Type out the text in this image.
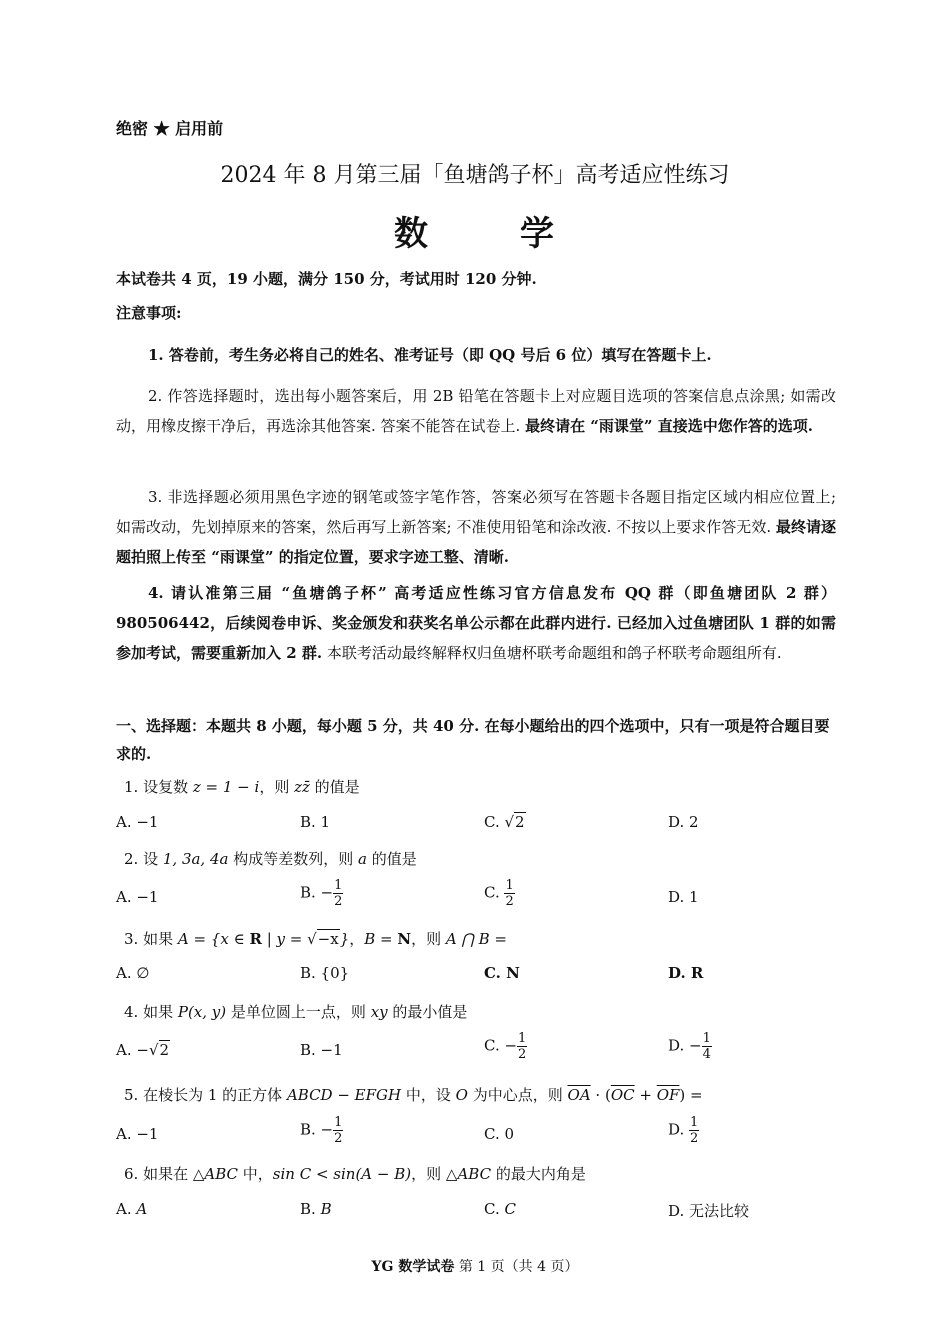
绝密 ★ 启用前
2024 年 8 月第三届「鱼塘鸽子杯」高考适应性练习
数	学
本试卷共 4 页，19 小题，满分 150 分，考试用时 120 分钟.
注意事项:
1. 答卷前，考生务必将自己的姓名、准考证号（即 QQ 号后 6 位）填写在答题卡上.
2. 作答选择题时，选出每小题答案后，用 2B 铅笔在答题卡上对应题目选项的答案信息点涂黑; 如需改动，用橡皮擦干净后，再选涂其他答案. 答案不能答在试卷上. 最终请在 “雨课堂” 直接选中您作答的选项.
3. 非选择题必须用黑色字迹的钢笔或签字笔作答，答案必须写在答题卡各题目指定区域内相应位置上; 如需改动，先划掉原来的答案，然后再写上新答案; 不准使用铅笔和涂改液. 不按以上要求作答无效. 最终请逐题拍照上传至 “雨课堂” 的指定位置，要求字迹工整、清晰.
4. 请认准第三届 “鱼塘鸽子杯” 高考适应性练习官方信息发布 QQ 群（即鱼塘团队 2 群）980506442，后续阅卷申诉、奖金颁发和获奖名单公示都在此群内进行. 已经加入过鱼塘团队 1 群的如需参加考试，需要重新加入 2 群. 本联考活动最终解释权归鱼塘杯联考命题组和鸽子杯联考命题组所有.
一、选择题：本题共 8 小题，每小题 5 分，共 40 分. 在每小题给出的四个选项中，只有一项是符合题目要求的.
1. 设复数 z = 1 − i，则 zz̄ 的值是
A. −1	B. 1	C. √2	D. 2
2. 设 1, 3a, 4a 构成等差数列，则 a 的值是
A. −1	B. − $\frac{1}{2}$	C. $\frac{1}{2}$	D. 1
3. 如果 A = {x ∈ R | y = √−x}，B = N，则 A ⋂ B =
A. ∅	B. {0}	C. N	D. R
4. 如果 P(x, y) 是单位圆上一点，则 xy 的最小值是
A. −√2	B. −1	C. − $\frac{1}{2}$	D. − $\frac{1}{4}$
5. 在棱长为 1 的正方体 ABCD − EFGH 中，设 O 为中心点，则 $\overline{OA} \cdot (\overline{OC} + \overline{OF})$ =
A. −1	B. − $\frac{1}{2}$	C. 0	D. $\frac{1}{2}$
6. 如果在 △ABC 中，sin C < sin(A − B)，则 △ABC 的最大内角是
A. A	B. B	C. C	D. 无法比较
YG 数学试卷 第 1 页（共 4 页）
